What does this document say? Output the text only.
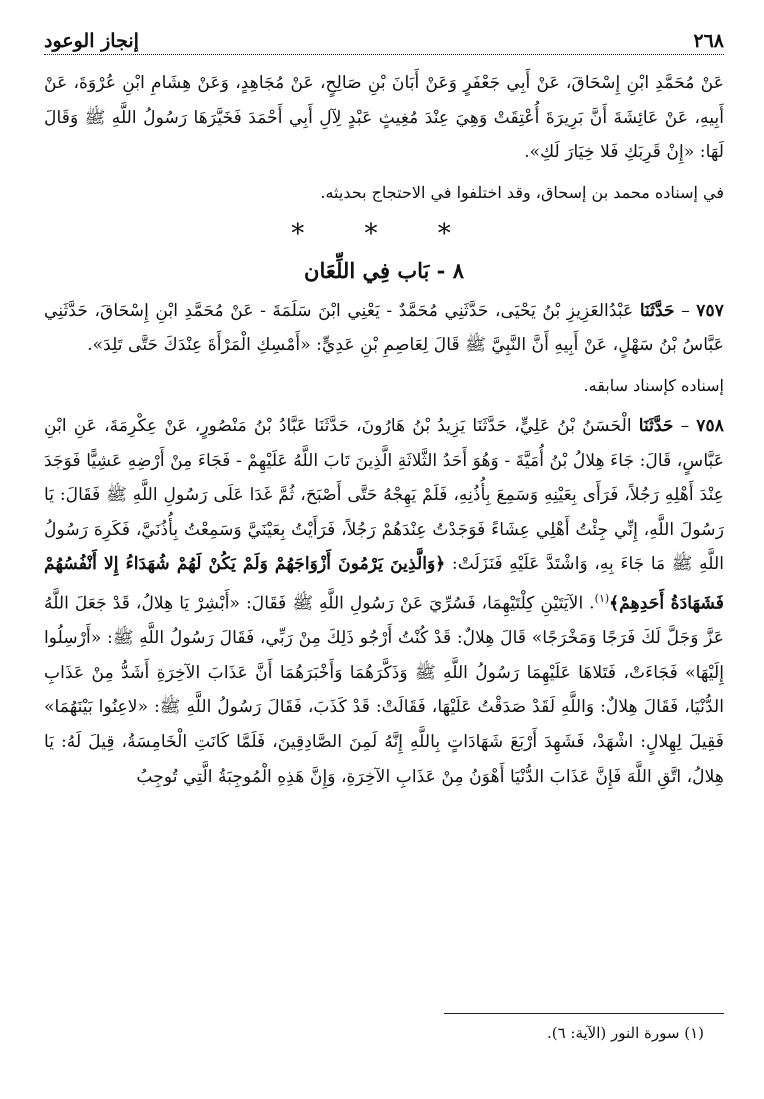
٢٦٨
إنجاز الوعود

عَنْ مُحَمَّدِ ابْنِ إِسْحَاقَ، عَنْ أَبِي جَعْفَرٍ وَعَنْ أَبَانَ بْنِ صَالِحٍ، عَنْ مُجَاهِدٍ، وَعَنْ هِشَامِ ابْنِ عُرْوَةَ، عَنْ أَبِيهِ، عَنْ عَائِشَةَ أَنَّ بَرِيرَةَ أُعْتِقَتْ وَهِيَ عِنْدَ مُغِيثٍ عَبْدٍ لِآلِ أَبِي أَحْمَدَ فَخَيَّرَهَا رَسُولُ اللَّهِ ﷺ وَقَالَ لَهَا: «إِنْ قَرِبَكِ فَلا خِيَارَ لَكِ».

في إسناده محمد بن إسحاق، وقد اختلفوا في الاحتجاج بحديثه.

* * *
٨ - بَاب فِي اللِّعَان

٧٥٧ – حَدَّثَنَا عَبْدُالعَزِيزِ بْنُ يَحْيَى، حَدَّثَنِي مُحَمَّدٌ - يَعْنِي ابْنَ سَلَمَةَ - عَنْ مُحَمَّدِ ابْنِ إِسْحَاقَ، حَدَّثَنِي عَبَّاسُ بْنُ سَهْلٍ، عَنْ أَبِيهِ أَنَّ النَّبِيَّ ﷺ قَالَ لِعَاصِمِ بْنِ عَدِيٍّ: «أَمْسِكِ الْمَرْأَةَ عِنْدَكَ حَتَّى تَلِدَ».

إسناده كإسناد سابقه.

٧٥٨ – حَدَّثَنَا الْحَسَنُ بْنُ عَلِيٍّ، حَدَّثَنَا يَزِيدُ بْنُ هَارُونَ، حَدَّثَنَا عَبَّادُ بْنُ مَنْصُورٍ، عَنْ عِكْرِمَةَ، عَنِ ابْنِ عَبَّاسٍ، قَالَ: جَاءَ هِلالُ بْنُ أُمَيَّةَ - وَهُوَ أَحَدُ الثَّلاثَةِ الَّذِينَ تَابَ اللَّهُ عَلَيْهِمْ - فَجَاءَ مِنْ أَرْضِهِ عَشِيًّا فَوَجَدَ عِنْدَ أَهْلِهِ رَجُلاً، فَرَأَى بِعَيْنِهِ وَسَمِعَ بِأُذُنِهِ، فَلَمْ يَهِجْهُ حَتَّى أَصْبَحَ، ثُمَّ غَدَا عَلَى رَسُولِ اللَّهِ ﷺ فَقَالَ: يَا رَسُولَ اللَّهِ، إِنِّي جِئْتُ أَهْلِي عِشَاءً فَوَجَدْتُ عِنْدَهُمْ رَجُلاً، فَرَأَيْتُ بِعَيْنَيَّ وَسَمِعْتُ بِأُذُنَيَّ، فَكَرِهَ رَسُولُ اللَّهِ ﷺ مَا جَاءَ بِهِ، وَاشْتَدَّ عَلَيْهِ فَنَزَلَتْ: ﴿وَالَّذِينَ يَرْمُونَ أَزْوَاجَهُمْ وَلَمْ يَكُنْ لَهُمْ شُهَدَاءُ إِلا أَنْفُسُهُمْ فَشَهَادَةُ أَحَدِهِمْ﴾$^{(١)}$. الآيَتَيْنِ كِلْتَيْهِمَا، فَسُرِّيَ عَنْ رَسُولِ اللَّهِ ﷺ فَقَالَ: «أَبْشِرْ يَا هِلالُ، قَدْ جَعَلَ اللَّهُ عَزَّ وَجَلَّ لَكَ فَرَجًا وَمَخْرَجًا» قَالَ هِلالٌ: قَدْ كُنْتُ أَرْجُو ذَلِكَ مِنْ رَبِّي، فَقَالَ رَسُولُ اللَّهِ ﷺ: «أَرْسِلُوا إِلَيْهَا» فَجَاءَتْ، فَتَلاهَا عَلَيْهِمَا رَسُولُ اللَّهِ ﷺ وَذَكَّرَهُمَا وَأَخْبَرَهُمَا أَنَّ عَذَابَ الآخِرَةِ أَشَدُّ مِنْ عَذَابِ الدُّنْيَا، فَقَالَ هِلالٌ: وَاللَّهِ لَقَدْ صَدَقْتُ عَلَيْهَا، فَقَالَتْ: قَدْ كَذَبَ، فَقَالَ رَسُولُ اللَّهِ ﷺ: «لاعِنُوا بَيْنَهُمَا» فَقِيلَ لِهِلالٍ: اشْهَدْ، فَشَهِدَ أَرْبَعَ شَهَادَاتٍ بِاللَّهِ إِنَّهُ لَمِنَ الصَّادِقِينَ، فَلَمَّا كَانَتِ الْخَامِسَةُ، قِيلَ لَهُ: يَا هِلالُ، اتَّقِ اللَّهَ فَإِنَّ عَذَابَ الدُّنْيَا أَهْوَنُ مِنْ عَذَابِ الآخِرَةِ، وَإِنَّ هَذِهِ الْمُوجِبَةُ الَّتِي تُوجِبُ

(١) سورة النور (الآية: ٦).
